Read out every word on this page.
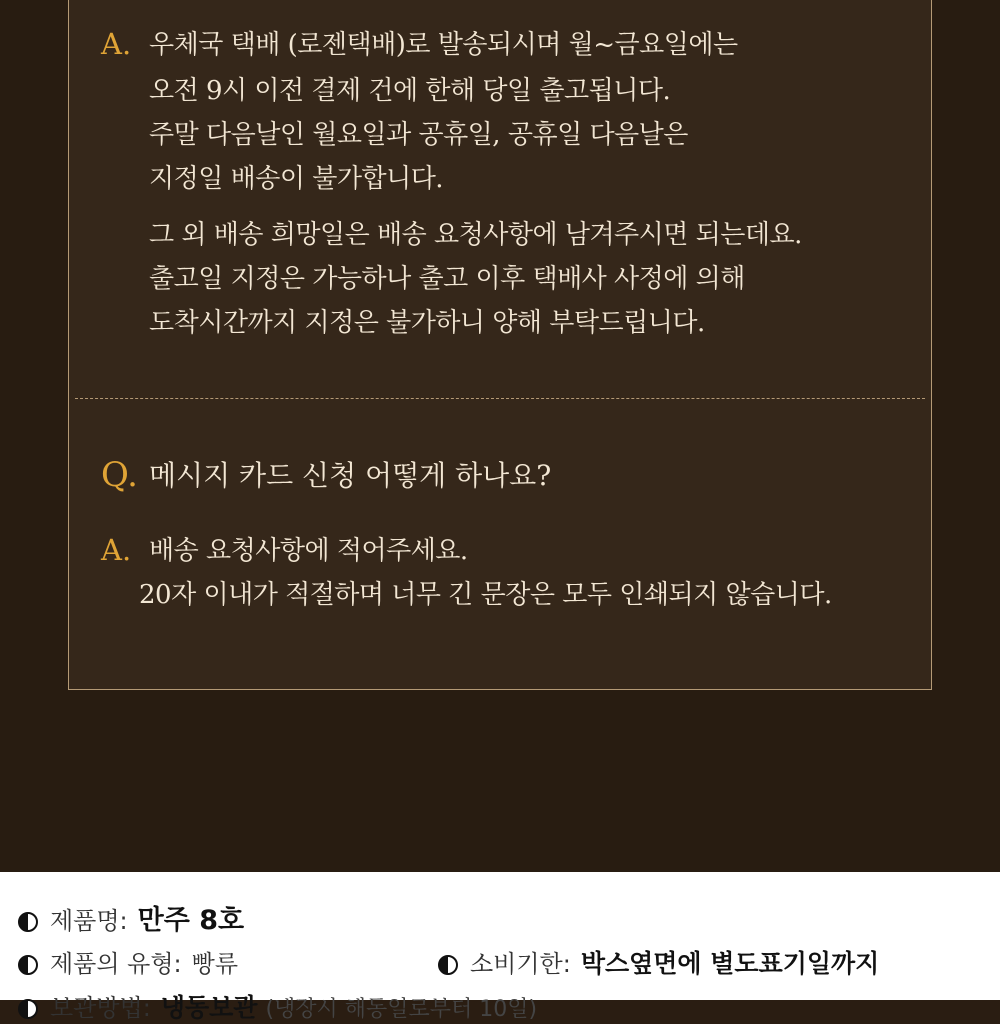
A. 우체국 택배 (로젠택배)로 발송되시며 월~금요일에는
오전 9시 이전 결제 건에 한해 당일 출고됩니다.
주말 다음날인 월요일과 공휴일, 공휴일 다음날은
지정일 배송이 불가합니다.
그 외 배송 희망일은 배송 요청사항에 남겨주시면 되는데요.
출고일 지정은 가능하나 출고 이후 택배사 사정에 의해
도착시간까지 지정은 불가하니 양해 부탁드립니다.
Q. 메시지 카드 신청 어떻게 하나요?
A. 배송 요청사항에 적어주세요.
20자 이내가 적절하며 너무 긴 문장은 모두 인쇄되지 않습니다.
제품명: 만주 8호
제품의 유형: 빵류	소비기한: 박스옆면에 별도표기일까지
보관방법: 냉동보관 (냉장시 해동일로부터 10일)
